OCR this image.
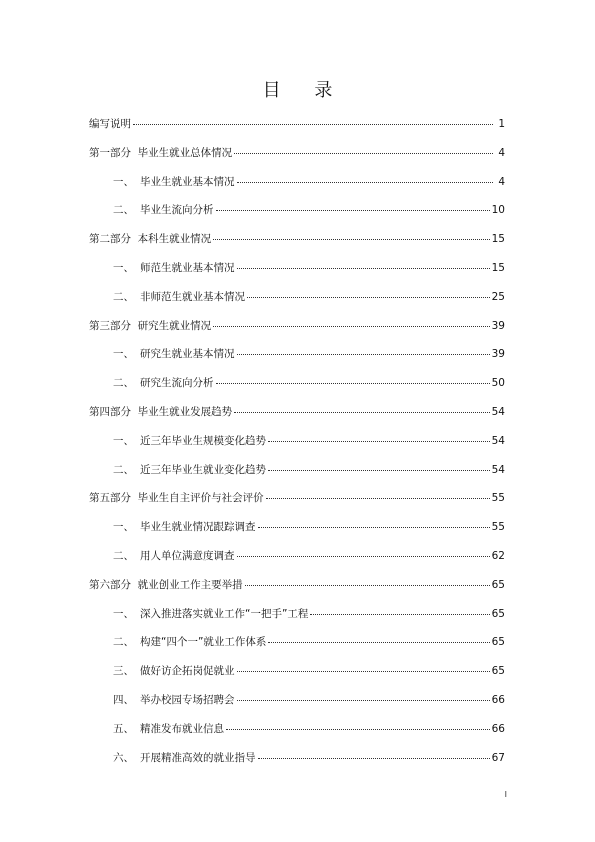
目 录
编写说明	1
第一部分  毕业生就业总体情况	4
一、 毕业生就业基本情况	4
二、 毕业生流向分析	10
第二部分  本科生就业情况	15
一、 师范生就业基本情况	15
二、 非师范生就业基本情况	25
第三部分  研究生就业情况	39
一、 研究生就业基本情况	39
二、 研究生流向分析	50
第四部分  毕业生就业发展趋势	54
一、 近三年毕业生规模变化趋势	54
二、 近三年毕业生就业变化趋势	54
第五部分  毕业生自主评价与社会评价	55
一、 毕业生就业情况跟踪调查	55
二、 用人单位满意度调查	62
第六部分  就业创业工作主要举措	65
一、 深入推进落实就业工作“一把手”工程	65
二、 构建“四个一”就业工作体系	65
三、 做好访企拓岗促就业	65
四、 举办校园专场招聘会	66
五、 精准发布就业信息	66
六、 开展精准高效的就业指导	67
I
